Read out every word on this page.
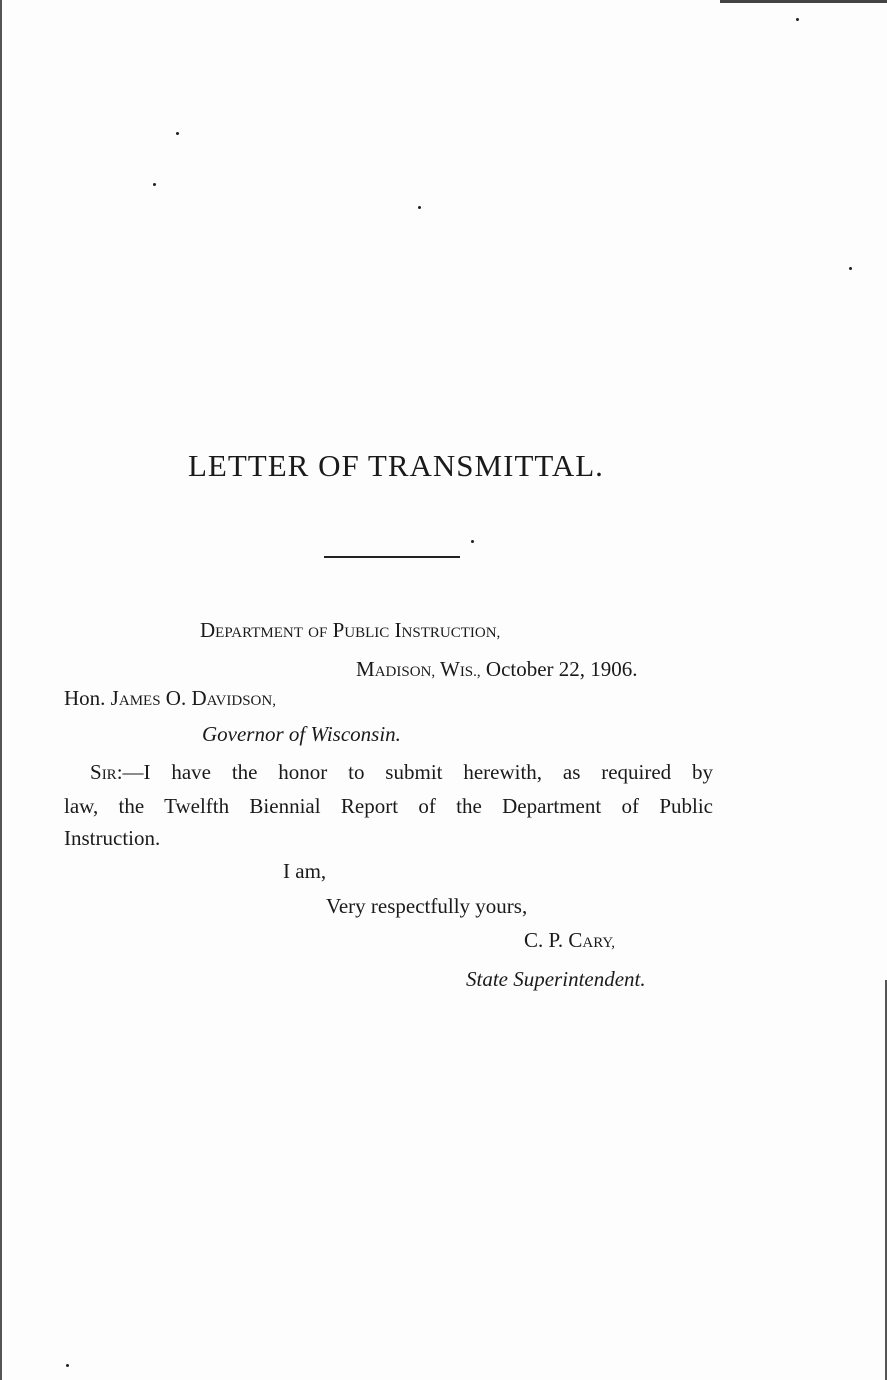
LETTER OF TRANSMITTAL.
DEPARTMENT OF PUBLIC INSTRUCTION,
MADISON, WIS., October 22, 1906.
Hon. JAMES O. DAVIDSON,
Governor of Wisconsin.
SIR:—I have the honor to submit herewith, as required by
law, the Twelfth Biennial Report of the Department of Public
Instruction.
I am,
Very respectfully yours,
C. P. CARY,
State Superintendent.
